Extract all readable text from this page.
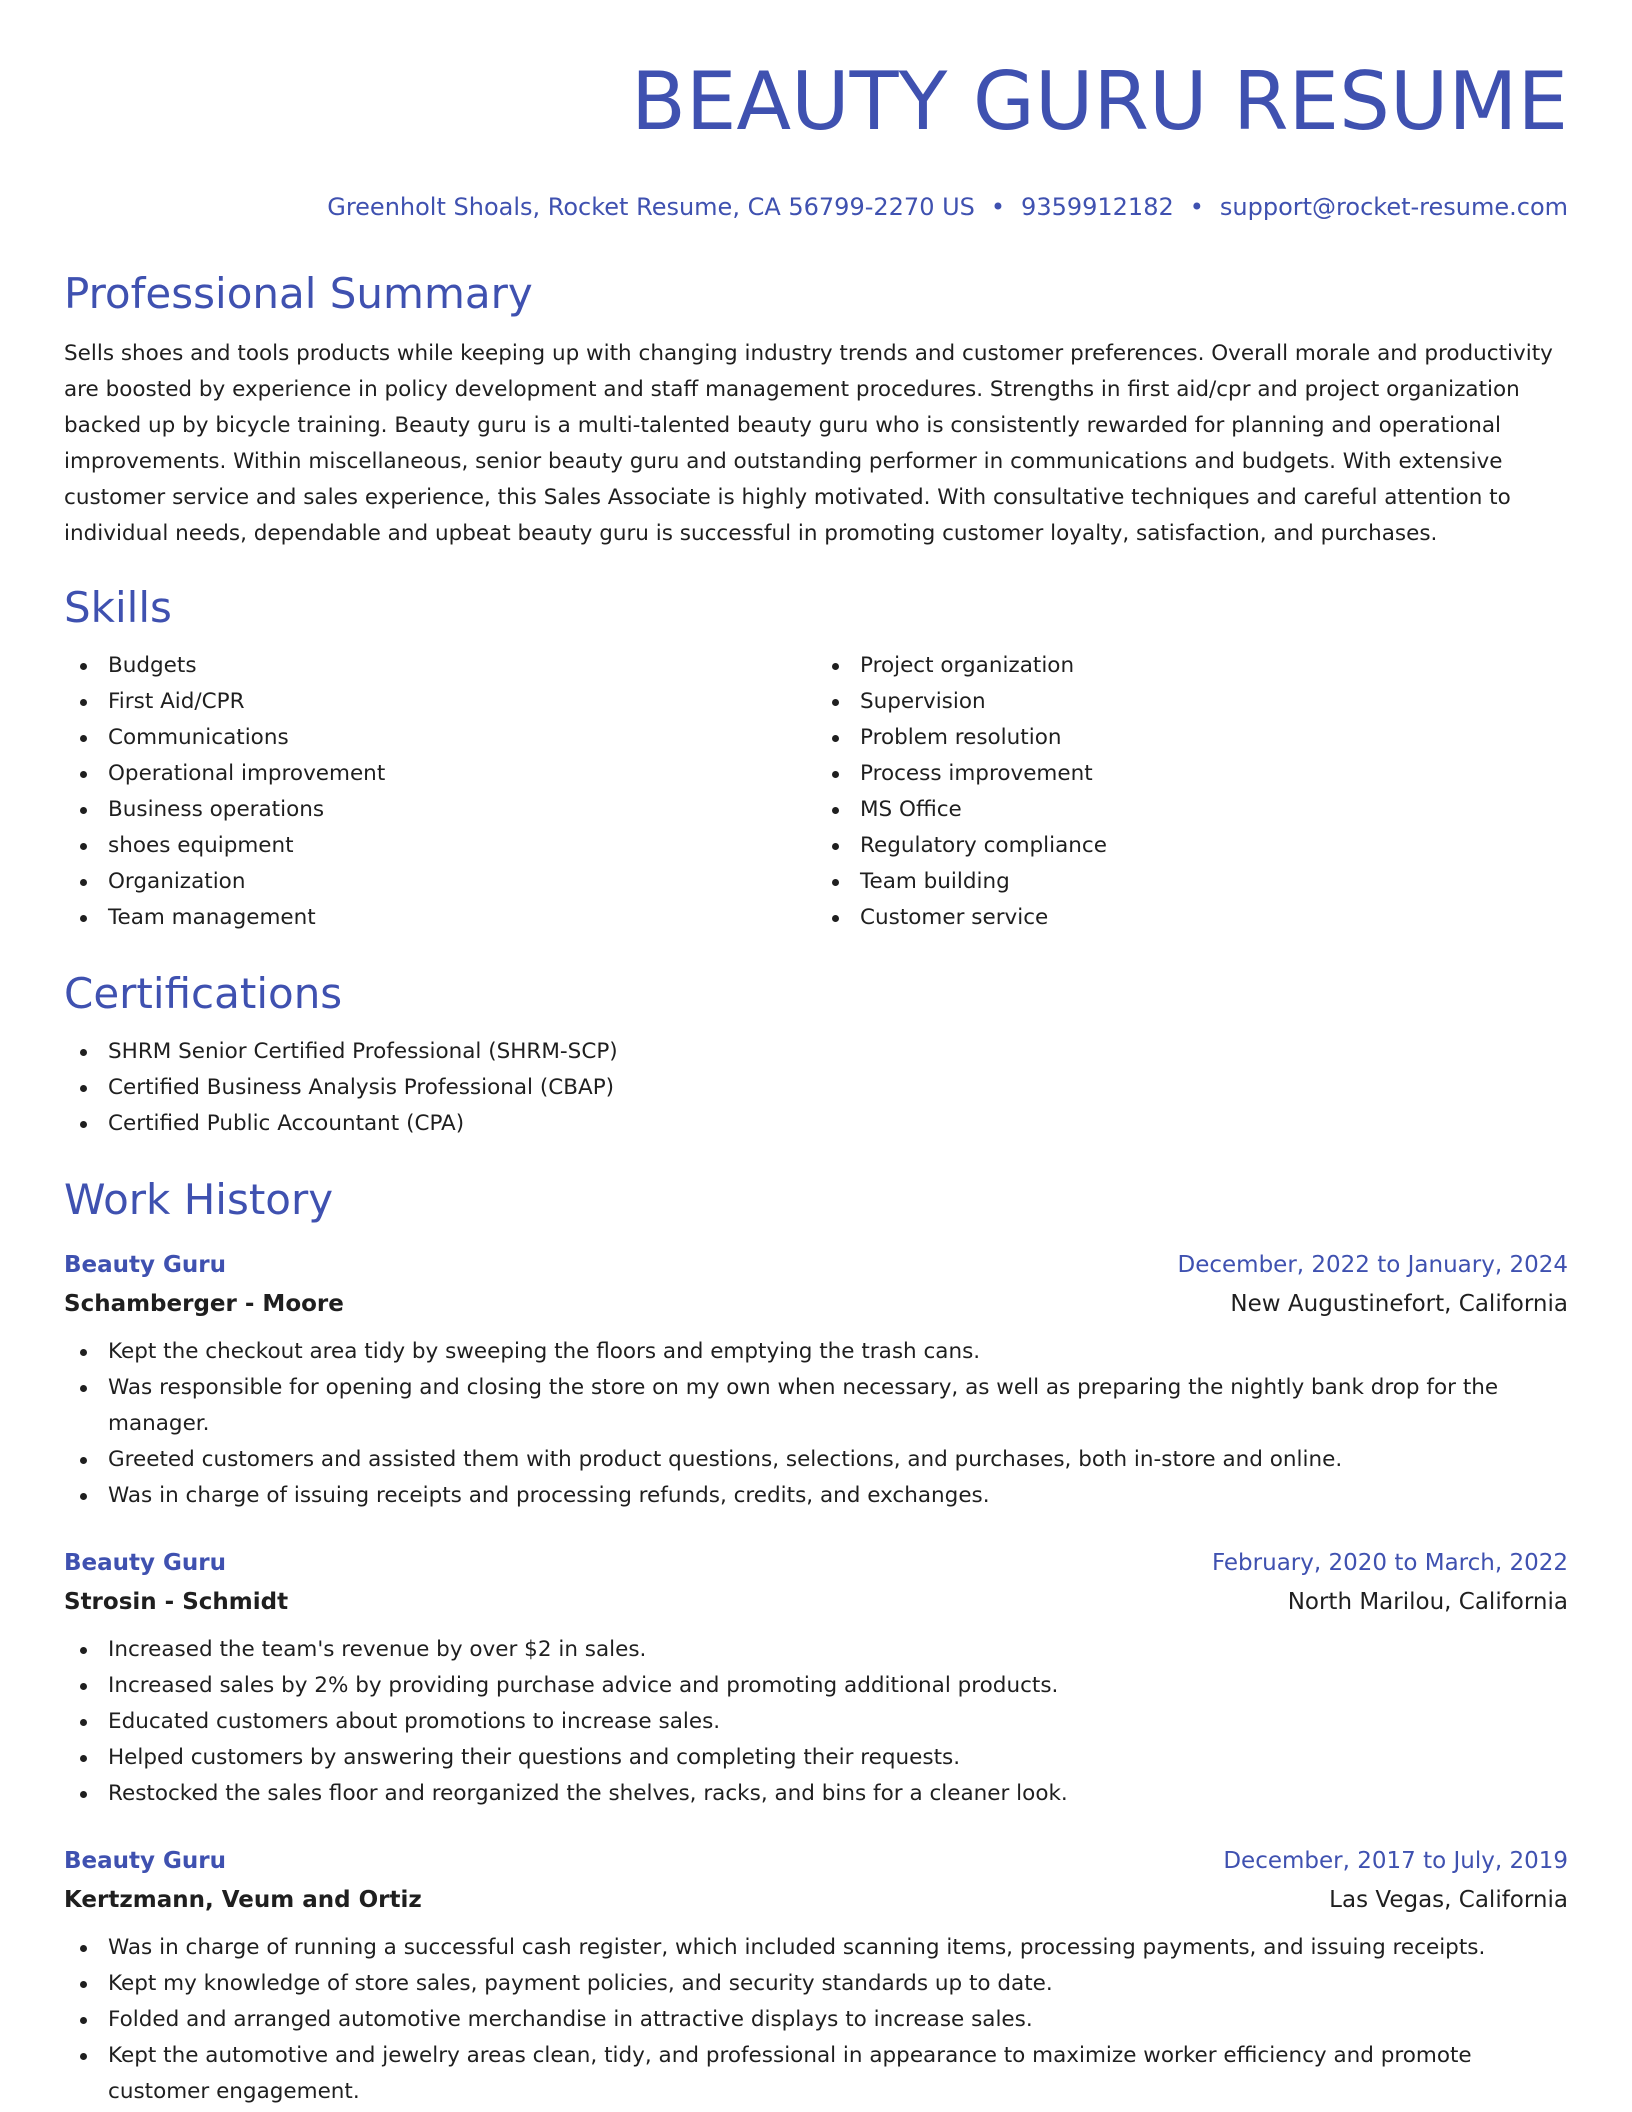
BEAUTY GURU RESUME
Greenholt Shoals, Rocket Resume, CA 56799-2270 US • 9359912182 • support@rocket-resume.com
Professional Summary

Sells shoes and tools products while keeping up with changing industry trends and customer preferences. Overall morale and productivity are boosted by experience in policy development and staff management procedures. Strengths in first aid/cpr and project organization backed up by bicycle training. Beauty guru is a multi-talented beauty guru who is consistently rewarded for planning and operational improvements. Within miscellaneous, senior beauty guru and outstanding performer in communications and budgets. With extensive customer service and sales experience, this Sales Associate is highly motivated. With consultative techniques and careful attention to individual needs, dependable and upbeat beauty guru is successful in promoting customer loyalty, satisfaction, and purchases.

Skills
Budgets
First Aid/CPR
Communications
Operational improvement
Business operations
shoes equipment
Organization
Team management
Project organization
Supervision
Problem resolution
Process improvement
MS Office
Regulatory compliance
Team building
Customer service
Certifications
SHRM Senior Certified Professional (SHRM-SCP)
Certified Business Analysis Professional (CBAP)
Certified Public Accountant (CPA)
Work History
Beauty Guru	December, 2022 to January, 2024
Schamberger - Moore	New Augustinefort, California
Kept the checkout area tidy by sweeping the floors and emptying the trash cans.
Was responsible for opening and closing the store on my own when necessary, as well as preparing the nightly bank drop for the manager.
Greeted customers and assisted them with product questions, selections, and purchases, both in-store and online.
Was in charge of issuing receipts and processing refunds, credits, and exchanges.
Beauty Guru	February, 2020 to March, 2022
Strosin - Schmidt	North Marilou, California
Increased the team's revenue by over $2 in sales.
Increased sales by 2% by providing purchase advice and promoting additional products.
Educated customers about promotions to increase sales.
Helped customers by answering their questions and completing their requests.
Restocked the sales floor and reorganized the shelves, racks, and bins for a cleaner look.
Beauty Guru	December, 2017 to July, 2019
Kertzmann, Veum and Ortiz	Las Vegas, California
Was in charge of running a successful cash register, which included scanning items, processing payments, and issuing receipts.
Kept my knowledge of store sales, payment policies, and security standards up to date.
Folded and arranged automotive merchandise in attractive displays to increase sales.
Kept the automotive and jewelry areas clean, tidy, and professional in appearance to maximize worker efficiency and promote customer engagement.
